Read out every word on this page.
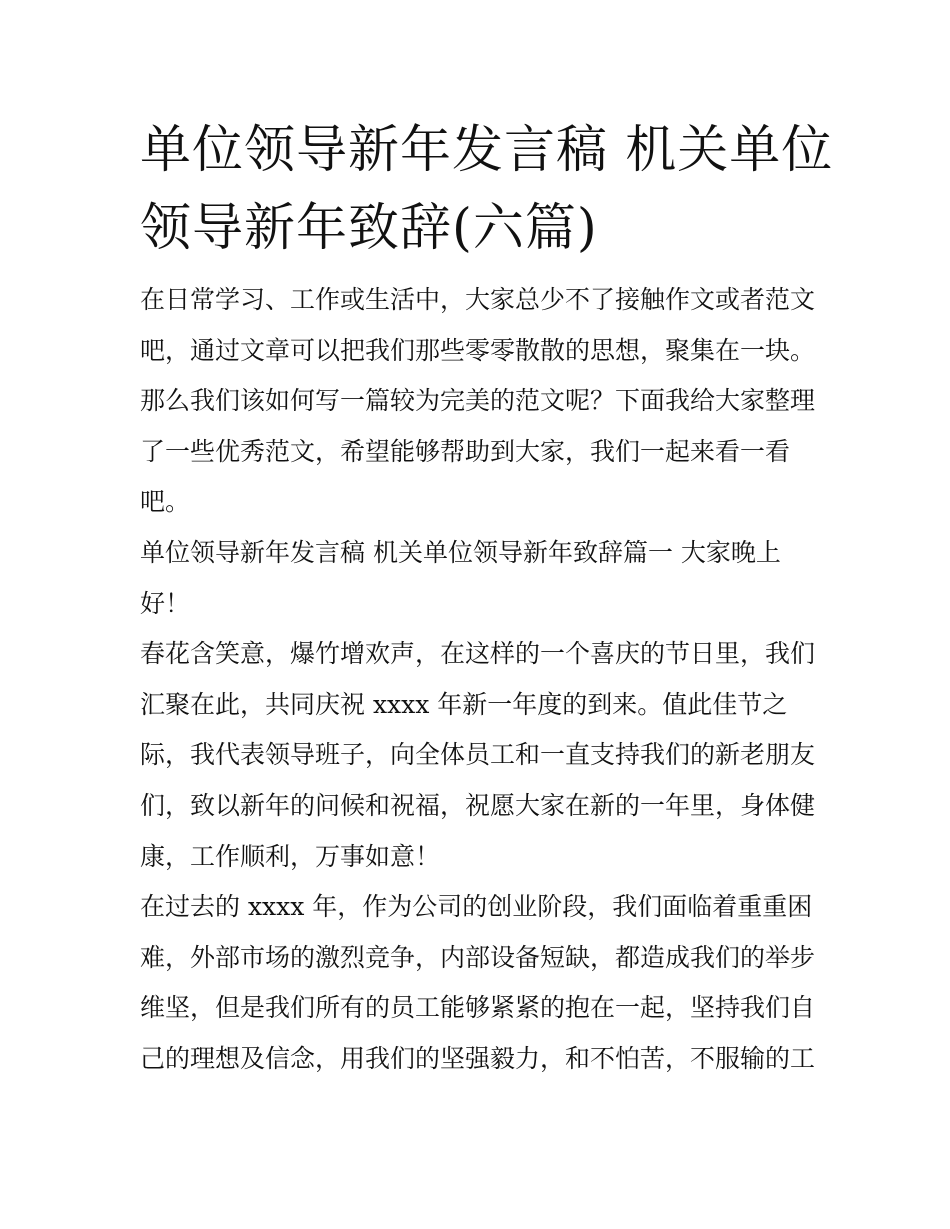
单位领导新年发言稿 机关单位
领导新年致辞(六篇)

在日常学习、工作或生活中，大家总少不了接触作文或者范文
吧，通过文章可以把我们那些零零散散的思想，聚集在一块。
那么我们该如何写一篇较为完美的范文呢？下面我给大家整理
了一些优秀范文，希望能够帮助到大家，我们一起来看一看
吧。

单位领导新年发言稿 机关单位领导新年致辞篇一 大家晚上
好！

春花含笑意，爆竹增欢声，在这样的一个喜庆的节日里，我们
汇聚在此，共同庆祝 xxxx 年新一年度的到来。值此佳节之
际，我代表领导班子，向全体员工和一直支持我们的新老朋友
们，致以新年的问候和祝福，祝愿大家在新的一年里，身体健
康，工作顺利，万事如意！

在过去的 xxxx 年，作为公司的创业阶段，我们面临着重重困
难，外部市场的激烈竞争，内部设备短缺，都造成我们的举步
维坚，但是我们所有的员工能够紧紧的抱在一起，坚持我们自
己的理想及信念，用我们的坚强毅力，和不怕苦，不服输的工
